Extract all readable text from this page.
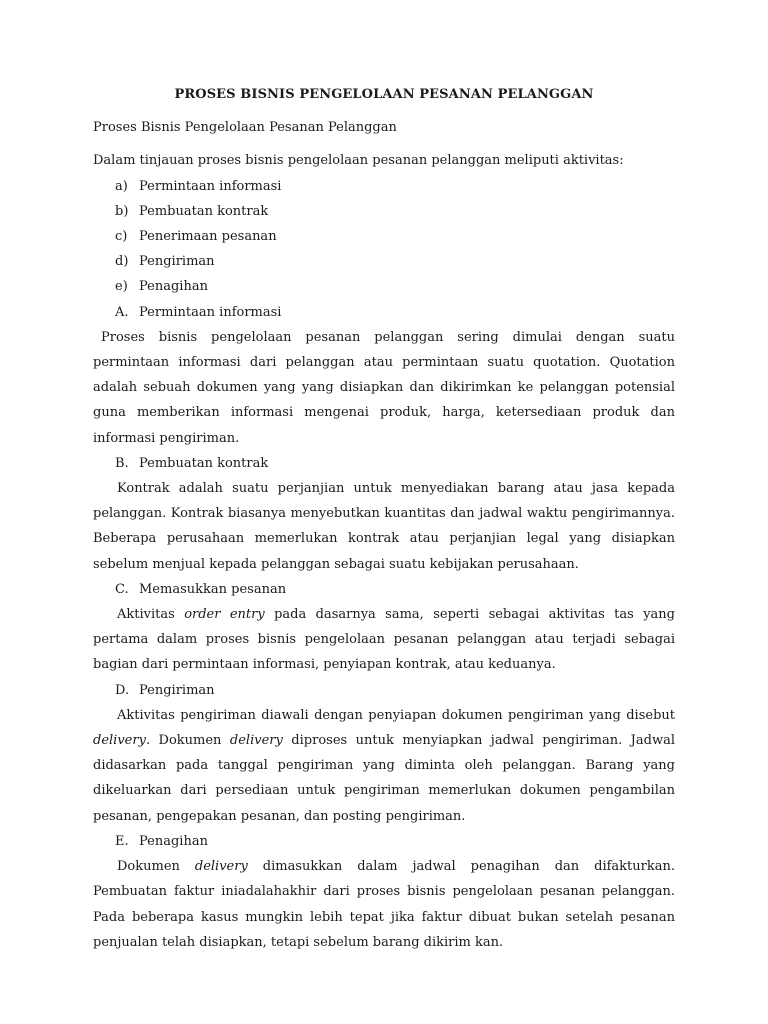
PROSES BISNIS PENGELOLAAN PESANAN PELANGGAN

Proses Bisnis Pengelolaan Pesanan Pelanggan

Dalam tinjauan proses bisnis pengelolaan pesanan pelanggan meliputi aktivitas:

a) Permintaan informasi
b) Pembuatan kontrak
c) Penerimaan pesanan
d) Pengiriman
e) Penagihan

A. Permintaan informasi

Proses bisnis pengelolaan pesanan pelanggan sering dimulai dengan suatu permintaan informasi dari pelanggan atau permintaan suatu quotation. Quotation adalah sebuah dokumen yang yang disiapkan dan dikirimkan ke pelanggan potensial guna memberikan informasi mengenai produk, harga, ketersediaan produk dan informasi pengiriman.

B. Pembuatan kontrak

Kontrak adalah suatu perjanjian untuk menyediakan barang atau jasa kepada pelanggan. Kontrak biasanya menyebutkan kuantitas dan jadwal waktu pengirimannya. Beberapa perusahaan memerlukan kontrak atau perjanjian legal yang disiapkan sebelum menjual kepada pelanggan sebagai suatu kebijakan perusahaan.

C. Memasukkan pesanan

Aktivitas order entry pada dasarnya sama, seperti sebagai aktivitas tas yang pertama dalam proses bisnis pengelolaan pesanan pelanggan atau terjadi sebagai bagian dari permintaan informasi, penyiapan kontrak, atau keduanya.

D. Pengiriman

Aktivitas pengiriman diawali dengan penyiapan dokumen pengiriman yang disebut delivery. Dokumen delivery diproses untuk menyiapkan jadwal pengiriman. Jadwal didasarkan pada tanggal pengiriman yang diminta oleh pelanggan. Barang yang dikeluarkan dari persediaan untuk pengiriman memerlukan dokumen pengambilan pesanan, pengepakan pesanan, dan posting pengiriman.

E. Penagihan

Dokumen delivery dimasukkan dalam jadwal penagihan dan difakturkan. Pembuatan faktur iniadalahakhir dari proses bisnis pengelolaan pesanan pelanggan. Pada beberapa kasus mungkin lebih tepat jika faktur dibuat bukan setelah pesanan penjualan telah disiapkan, tetapi sebelum barang dikirim kan.
